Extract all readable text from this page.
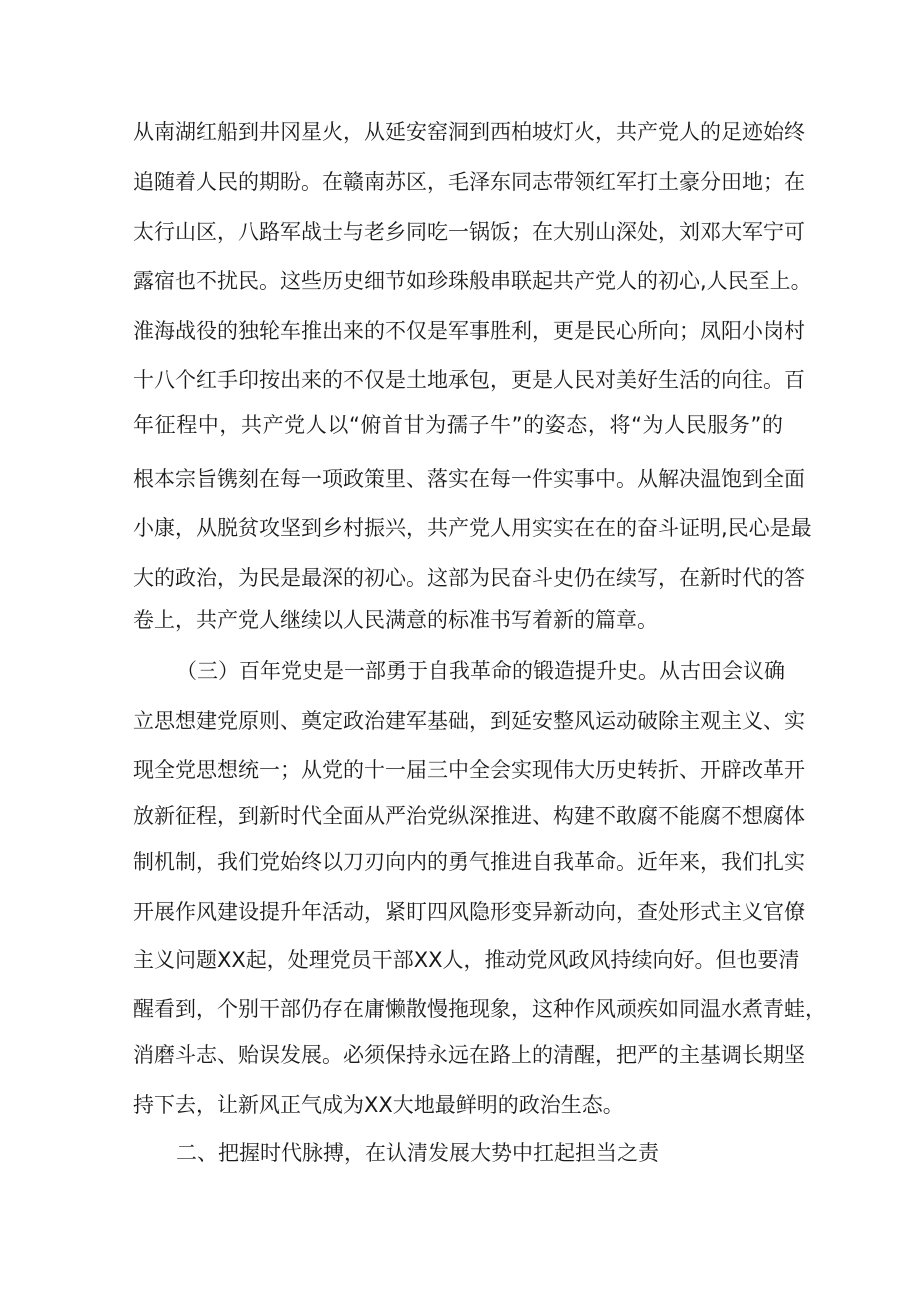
从南湖红船到井冈星火，从延安窑洞到西柏坡灯火，共产党人的足迹始终
追随着人民的期盼。在赣南苏区，毛泽东同志带领红军打土豪分田地；在
太行山区，八路军战士与老乡同吃一锅饭；在大别山深处，刘邓大军宁可
露宿也不扰民。这些历史细节如珍珠般串联起共产党人的初心,人民至上。
淮海战役的独轮车推出来的不仅是军事胜利，更是民心所向；凤阳小岗村
十八个红手印按出来的不仅是土地承包，更是人民对美好生活的向往。百
年征程中，共产党人以“俯首甘为孺子牛”的姿态，将“为人民服务”的
根本宗旨镌刻在每一项政策里、落实在每一件实事中。从解决温饱到全面
小康，从脱贫攻坚到乡村振兴，共产党人用实实在在的奋斗证明,民心是最
大的政治，为民是最深的初心。这部为民奋斗史仍在续写，在新时代的答
卷上，共产党人继续以人民满意的标准书写着新的篇章。
（三）百年党史是一部勇于自我革命的锻造提升史。从古田会议确
立思想建党原则、奠定政治建军基础，到延安整风运动破除主观主义、实
现全党思想统一；从党的十一届三中全会实现伟大历史转折、开辟改革开
放新征程，到新时代全面从严治党纵深推进、构建不敢腐不能腐不想腐体
制机制，我们党始终以刀刃向内的勇气推进自我革命。近年来，我们扎实
开展作风建设提升年活动，紧盯四风隐形变异新动向，查处形式主义官僚
主义问题XX起，处理党员干部XX人，推动党风政风持续向好。但也要清
醒看到，个别干部仍存在庸懒散慢拖现象，这种作风顽疾如同温水煮青蛙，
消磨斗志、贻误发展。必须保持永远在路上的清醒，把严的主基调长期坚
持下去，让新风正气成为XX大地最鲜明的政治生态。
二、把握时代脉搏，在认清发展大势中扛起担当之责
